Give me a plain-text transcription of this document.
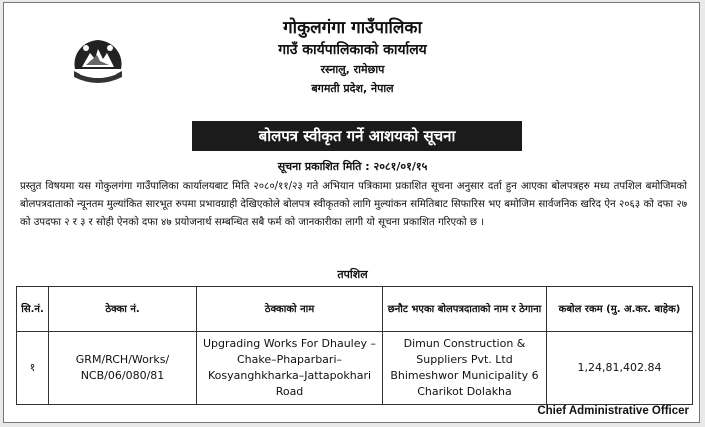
गोकुलगंगा गाउँपालिका
गाउँ कार्यपालिकाको कार्यालय
रस्नालु, रामेछाप
बगमती प्रदेश, नेपाल
बोलपत्र स्वीकृत गर्ने आशयको सूचना
सूचना प्रकाशित मिति : २०८१/०१/१५

प्रस्तुत विषयमा यस गोकुलगंगा गाउँपालिका कार्यालयबाट मिति २०८०/११/२३ गते अभियान पत्रिकामा प्रकाशित सूचना अनुसार दर्ता हुन आएका बोलपत्रहरु मध्य तपशिल बमोजिमको बोलपत्रदाताको न्यूनतम मुल्यांकित सारभूत रुपमा प्रभावग्राही देखिएकोले बोलपत्र स्वीकृतको लागि मुल्यांकन समितिबाट सिफारिस भए बमोजिम सार्वजनिक खरिद ऐन २०६३ को दफा २७ को उपदफा २ र ३ र सोही ऐनको दफा ४७ प्रयोजनार्थ सम्बन्धित सबै फर्म को जानकारीका लागी यो सूचना प्रकाशित गरिएको छ ।

तपशिल
सि.नं.	ठेक्का नं.	ठेक्काको नाम	छनौट भएका बोलपत्रदाताको नाम र ठेगाना	कबोल रकम (मु. अ.कर. बाहेक)
१	GRM/RCH/Works/ NCB/06/080/81	Upgrading Works For Dhauley – Chake–Phaparbari– Kosyanghkharka–Jattapokhari Road	Dimun Construction & Suppliers Pvt. Ltd Bhimeshwor Municipality 6 Charikot Dolakha	1,24,81,402.84
Chief Administrative Officer
